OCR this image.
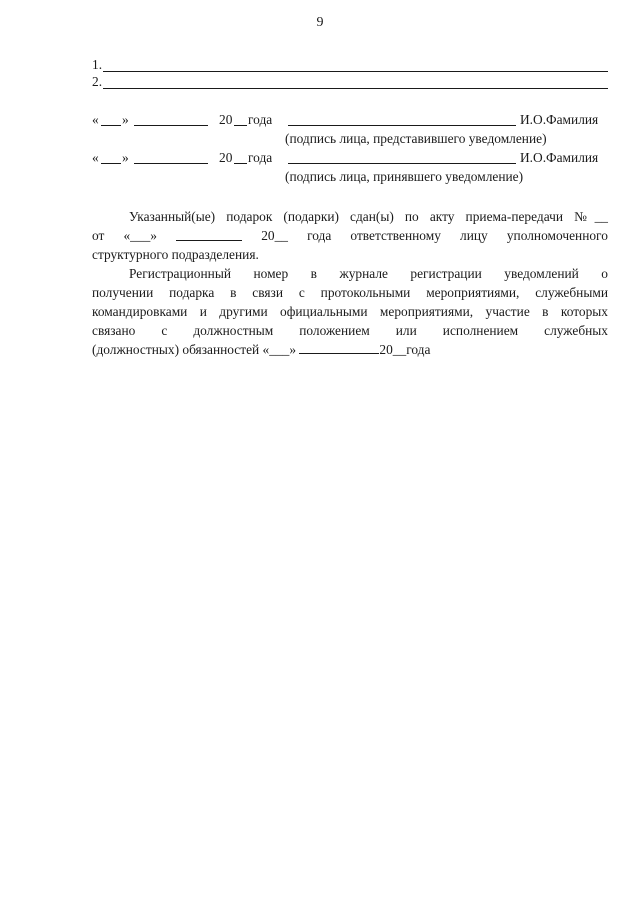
9
1.
2.
« »	20 года	И.О.Фамилия
(подпись лица, представившего уведомление)
« »	20 года	И.О.Фамилия
(подпись лица, принявшего уведомление)
Указанный(ые) подарок (подарки) сдан(ы) по акту приема-передачи №__
от «___»	20__ года ответственному лицу уполномоченного
структурного подразделения.
Регистрационный номер в журнале регистрации уведомлений о
получении подарка в связи с протокольными мероприятиями, служебными
командировками и другими официальными мероприятиями, участие в которых
связано с должностным положением или исполнением служебных
(должностных) обязанностей «___»	20__года
